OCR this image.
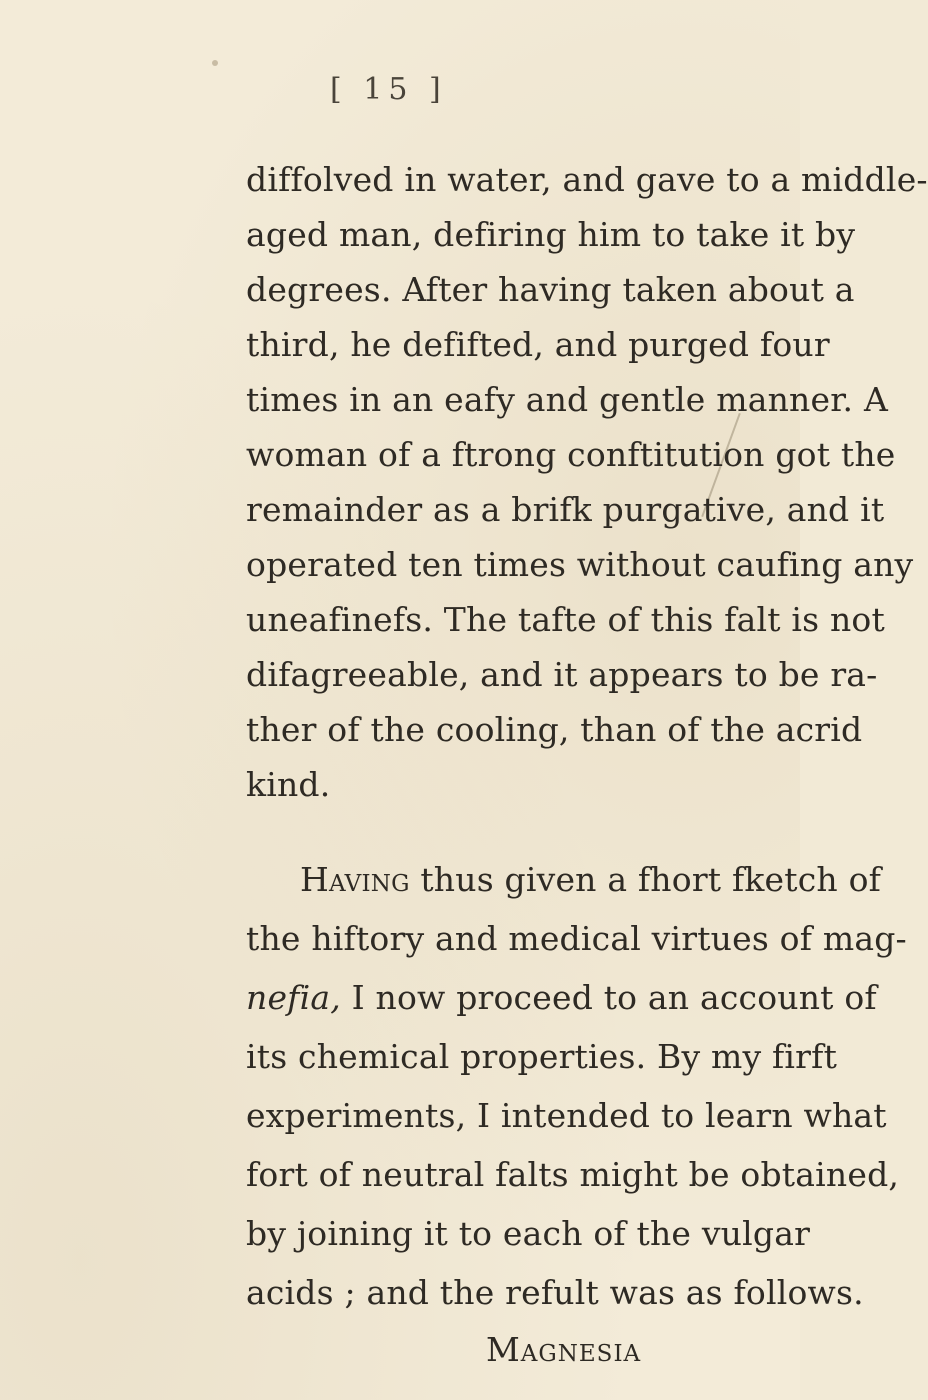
[ 15 ]
diffolved in water, and gave to a middle-
aged man, defiring him to take it by
degrees. After having taken about a
third, he defifted, and purged four
times in an eafy and gentle manner. A
woman of a ftrong conftitution got the
remainder as a brifk purgative, and it
operated ten times without caufing any
uneafinefs. The tafte of this falt is not
difagreeable, and it appears to be ra-
ther of the cooling, than of the acrid
Having thus given a fhort fketch of
the hiftory and medical virtues of mag-
nefia, I now proceed to an account of
its chemical properties. By my firft
experiments, I intended to learn what
fort of neutral falts might be obtained,
by joining it to each of the vulgar
acids ; and the refult was as follows.
Magnesia
kind.
